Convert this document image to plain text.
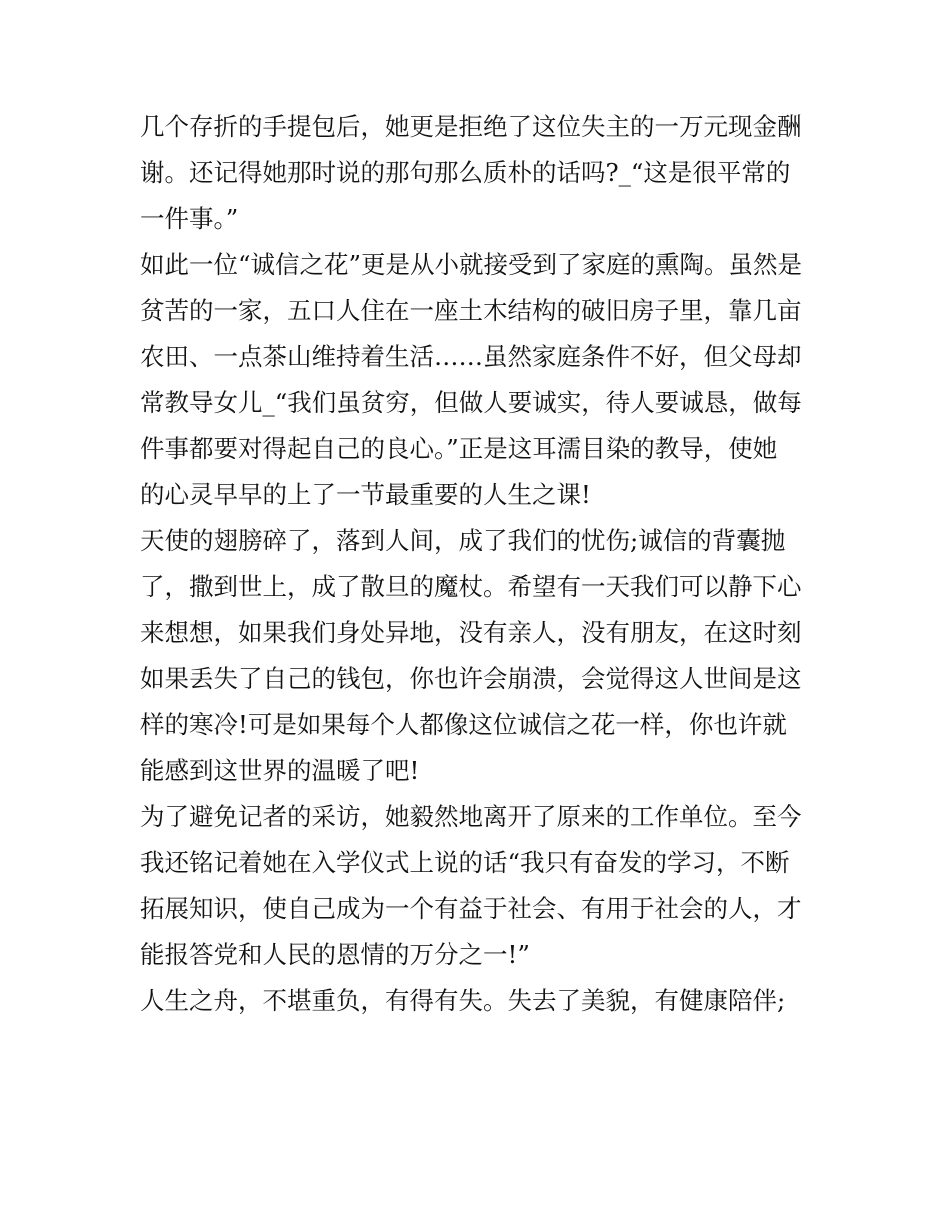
几个存折的手提包后，她更是拒绝了这位失主的一万元现金酬
谢。还记得她那时说的那句那么质朴的话吗?_“这是很平常的
一件事。”
如此一位“诚信之花”更是从小就接受到了家庭的熏陶。虽然是
贫苦的一家，五口人住在一座土木结构的破旧房子里，靠几亩
农田、一点茶山维持着生活……虽然家庭条件不好，但父母却
常教导女儿_“我们虽贫穷，但做人要诚实，待人要诚恳，做每
件事都要对得起自己的良心。”正是这耳濡目染的教导，使她
的心灵早早的上了一节最重要的人生之课!
天使的翅膀碎了，落到人间，成了我们的忧伤;诚信的背囊抛
了，撒到世上，成了散旦的魔杖。希望有一天我们可以静下心
来想想，如果我们身处异地，没有亲人，没有朋友，在这时刻
如果丢失了自己的钱包，你也许会崩溃，会觉得这人世间是这
样的寒冷!可是如果每个人都像这位诚信之花一样，你也许就
能感到这世界的温暖了吧!
为了避免记者的采访，她毅然地离开了原来的工作单位。至今
我还铭记着她在入学仪式上说的话“我只有奋发的学习，不断
拓展知识，使自己成为一个有益于社会、有用于社会的人，才
能报答党和人民的恩情的万分之一!”
人生之舟，不堪重负，有得有失。失去了美貌，有健康陪伴;
